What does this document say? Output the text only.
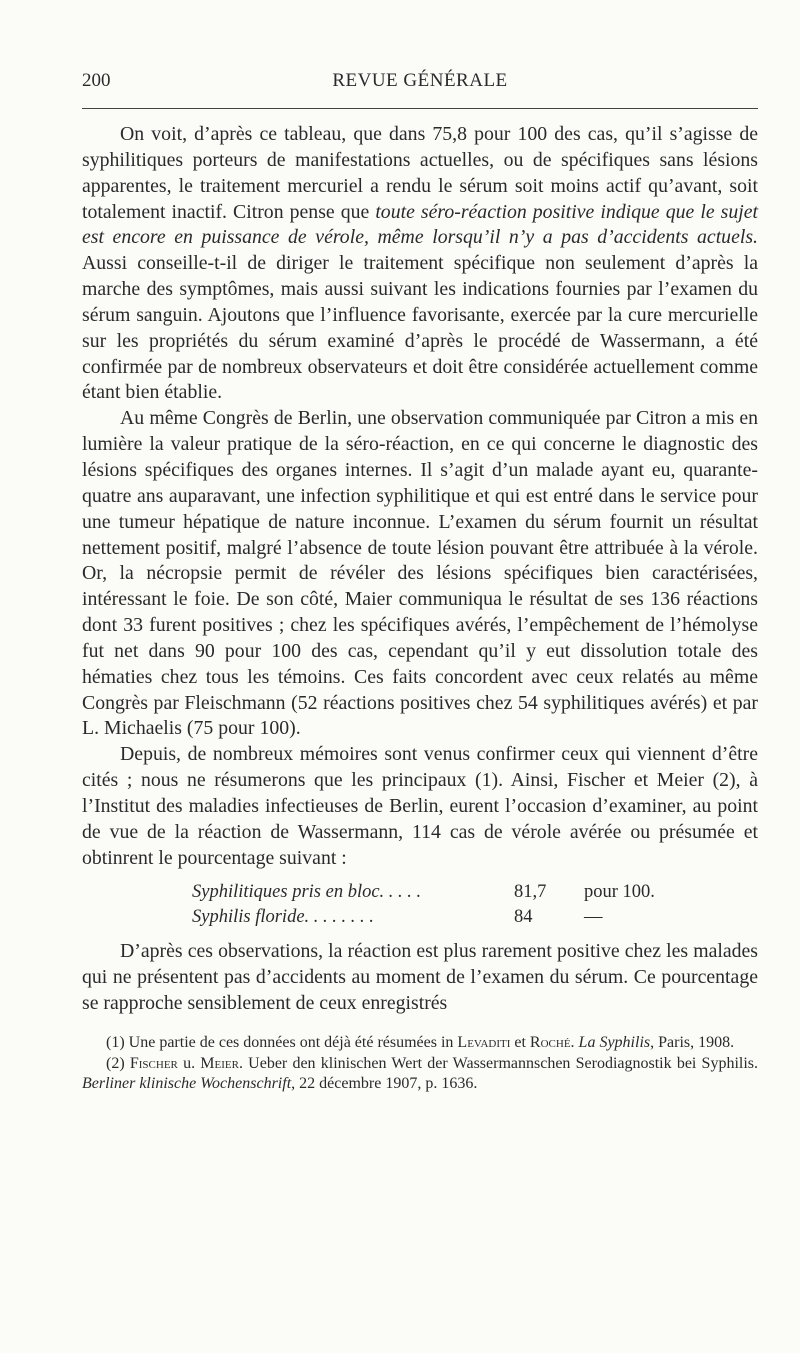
200	REVUE GÉNÉRALE

On voit, d’après ce tableau, que dans 75,8 pour 100 des cas, qu’il s’agisse de syphilitiques porteurs de manifestations actuelles, ou de spécifiques sans lésions apparentes, le traitement mercuriel a rendu le sérum soit moins actif qu’avant, soit totalement inactif. Citron pense que toute séro-réaction positive indique que le sujet est encore en puissance de vérole, même lorsqu’il n’y a pas d’accidents actuels. Aussi conseille-t-il de diriger le traitement spécifique non seulement d’après la marche des symptômes, mais aussi suivant les indications fournies par l’examen du sérum sanguin. Ajoutons que l’influence favorisante, exercée par la cure mercurielle sur les propriétés du sérum examiné d’après le procédé de Wassermann, a été confirmée par de nombreux observateurs et doit être considérée actuellement comme étant bien établie.

Au même Congrès de Berlin, une observation communiquée par Citron a mis en lumière la valeur pratique de la séro-réaction, en ce qui concerne le diagnostic des lésions spécifiques des organes internes. Il s’agit d’un malade ayant eu, quarante-quatre ans auparavant, une infection syphilitique et qui est entré dans le service pour une tumeur hépatique de nature inconnue. L’examen du sérum fournit un résultat nettement positif, malgré l’absence de toute lésion pouvant être attribuée à la vérole. Or, la nécropsie permit de révéler des lésions spécifiques bien caractérisées, intéressant le foie. De son côté, Maier communiqua le résultat de ses 136 réactions dont 33 furent positives ; chez les spécifiques avérés, l’empêchement de l’hémolyse fut net dans 90 pour 100 des cas, cependant qu’il y eut dissolution totale des hématies chez tous les témoins. Ces faits concordent avec ceux relatés au même Congrès par Fleischmann (52 réactions positives chez 54 syphilitiques avérés) et par L. Michaelis (75 pour 100).

Depuis, de nombreux mémoires sont venus confirmer ceux qui viennent d’être cités ; nous ne résumerons que les principaux (1). Ainsi, Fischer et Meier (2), à l’Institut des maladies infectieuses de Berlin, eurent l’occasion d’examiner, au point de vue de la réaction de Wassermann, 114 cas de vérole avérée ou présumée et obtinrent le pourcentage suivant :

Syphilitiques pris en bloc. . . . .	81,7	pour 100.
Syphilis floride. . . . . . . .	84	—

D’après ces observations, la réaction est plus rarement positive chez les malades qui ne présentent pas d’accidents au moment de l’examen du sérum. Ce pourcentage se rapproche sensiblement de ceux enregistrés

(1) Une partie de ces données ont déjà été résumées in Levaditi et Roché. La Syphilis, Paris, 1908.

(2) Fischer u. Meier. Ueber den klinischen Wert der Wassermannschen Serodiagnostik bei Syphilis. Berliner klinische Wochenschrift, 22 décembre 1907, p. 1636.
